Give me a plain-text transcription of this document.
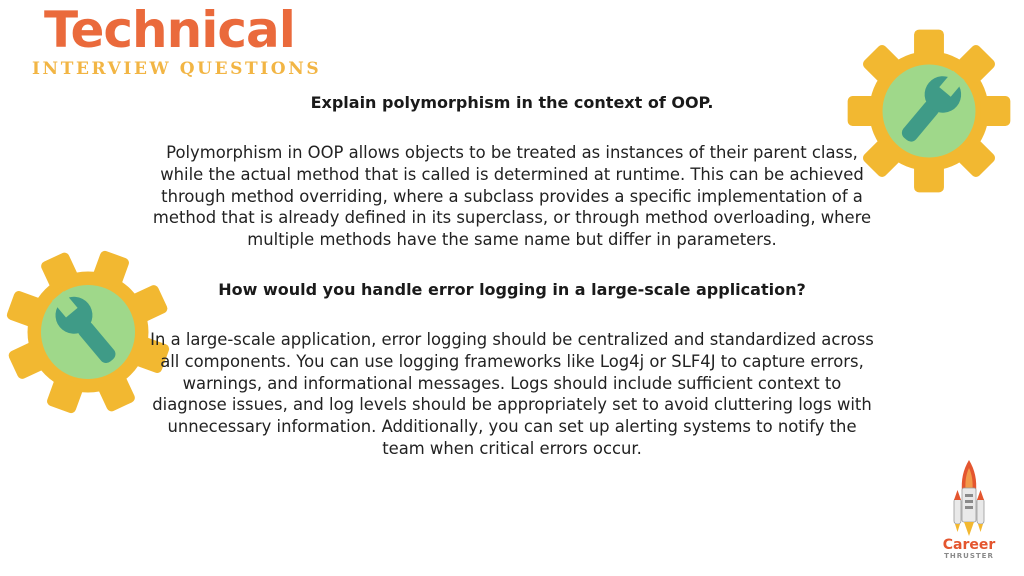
Technical
INTERVIEW QUESTIONS

Explain polymorphism in the context of OOP.

Polymorphism in OOP allows objects to be treated as instances of their parent class, while the actual method that is called is determined at runtime. This can be achieved through method overriding, where a subclass provides a specific implementation of a method that is already defined in its superclass, or through method overloading, where multiple methods have the same name but differ in parameters.

How would you handle error logging in a large-scale application?

In a large-scale application, error logging should be centralized and standardized across all components. You can use logging frameworks like Log4j or SLF4J to capture errors, warnings, and informational messages. Logs should include sufficient context to diagnose issues, and log levels should be appropriately set to avoid cluttering logs with unnecessary information. Additionally, you can set up alerting systems to notify the team when critical errors occur.

Career
THRUSTER
